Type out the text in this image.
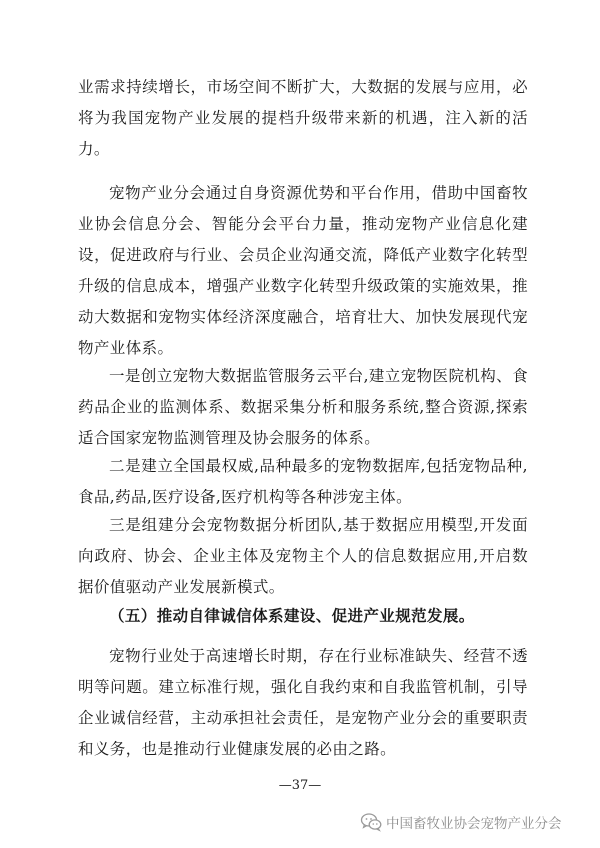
业需求持续增长，市场空间不断扩大，大数据的发展与应用，必将为我国宠物产业发展的提档升级带来新的机遇，注入新的活力。

宠物产业分会通过自身资源优势和平台作用，借助中国畜牧业协会信息分会、智能分会平台力量，推动宠物产业信息化建设，促进政府与行业、会员企业沟通交流，降低产业数字化转型升级的信息成本，增强产业数字化转型升级政策的实施效果，推动大数据和宠物实体经济深度融合，培育壮大、加快发展现代宠物产业体系。

一是创立宠物大数据监管服务云平台,建立宠物医院机构、食药品企业的监测体系、数据采集分析和服务系统,整合资源,探索适合国家宠物监测管理及协会服务的体系。

二是建立全国最权威,品种最多的宠物数据库,包括宠物品种,食品,药品,医疗设备,医疗机构等各种涉宠主体。

三是组建分会宠物数据分析团队,基于数据应用模型,开发面向政府、协会、企业主体及宠物主个人的信息数据应用,开启数据价值驱动产业发展新模式。

（五）推动自律诚信体系建设、促进产业规范发展。

宠物行业处于高速增长时期，存在行业标准缺失、经营不透明等问题。建立标准行规，强化自我约束和自我监管机制，引导企业诚信经营，主动承担社会责任，是宠物产业分会的重要职责和义务，也是推动行业健康发展的必由之路。

—37—
中国畜牧业协会宠物产业分会
